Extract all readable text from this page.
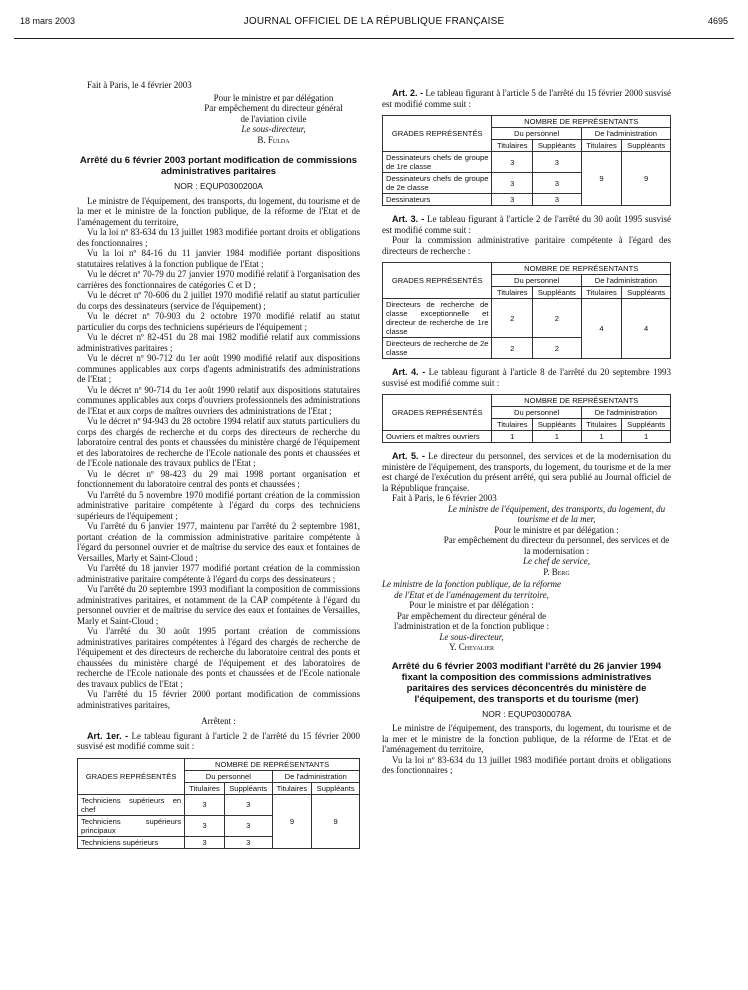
18 mars 2003	JOURNAL OFFICIEL DE LA RÉPUBLIQUE FRANÇAISE	4695

Fait à Paris, le 4 février 2003

Pour le ministre et par délégation
Par empêchement du directeur général
de l'aviation civile
Le sous-directeur,
B. Fulda
Arrêté du 6 février 2003 portant modification de commissions administratives paritaires
NOR : EQUP0300200A

Le ministre de l'équipement, des transports, du logement, du tourisme et de la mer et le ministre de la fonction publique, de la réforme de l'Etat et de l'aménagement du territoire,

Vu la loi nº 83-634 du 13 juillet 1983 modifiée portant droits et obligations des fonctionnaires ;

Vu la loi nº 84-16 du 11 janvier 1984 modifiée portant dispositions statutaires relatives à la fonction publique de l'Etat ;

Vu le décret nº 70-79 du 27 janvier 1970 modifié relatif à l'organisation des carrières des fonctionnaires de catégories C et D ;

Vu le décret nº 70-606 du 2 juillet 1970 modifié relatif au statut particulier du corps des dessinateurs (service de l'équipement) ;

Vu le décret nº 70-903 du 2 octobre 1970 modifié relatif au statut particulier du corps des techniciens supérieurs de l'équipement ;

Vu le décret nº 82-451 du 28 mai 1982 modifié relatif aux commissions administratives paritaires ;

Vu le décret nº 90-712 du 1er août 1990 modifié relatif aux dispositions communes applicables aux corps d'agents administratifs des administrations de l'Etat ;

Vu le décret nº 90-714 du 1er août 1990 relatif aux dispositions statutaires communes applicables aux corps d'ouvriers professionnels des administrations de l'Etat et aux corps de maîtres ouvriers des administrations de l'Etat ;

Vu le décret nº 94-943 du 28 octobre 1994 relatif aux statuts particuliers du corps des chargés de recherche et du corps des directeurs de recherche du laboratoire central des ponts et chaussées du ministère chargé de l'équipement et des laboratoires de recherche de l'Ecole nationale des ponts et chaussées et de l'Ecole nationale des travaux publics de l'Etat ;

Vu le décret nº 98-423 du 29 mai 1998 portant organisation et fonctionnement du laboratoire central des ponts et chaussées ;

Vu l'arrêté du 5 novembre 1970 modifié portant création de la commission administrative paritaire compétente à l'égard du corps des techniciens supérieurs de l'équipement ;

Vu l'arrêté du 6 janvier 1977, maintenu par l'arrêté du 2 septembre 1981, portant création de la commission administrative paritaire compétente à l'égard du personnel ouvrier et de maîtrise du service des eaux et fontaines de Versailles, Marly et Saint-Cloud ;

Vu l'arrêté du 18 janvier 1977 modifié portant création de la commission administrative paritaire compétente à l'égard du corps des dessinateurs ;

Vu l'arrêté du 20 septembre 1993 modifiant la composition de commissions administratives paritaires, et notamment de la CAP compétente à l'égard du personnel ouvrier et de maîtrise du service des eaux et fontaines de Versailles, Marly et Saint-Cloud ;

Vu l'arrêté du 30 août 1995 portant création de commissions administratives paritaires compétentes à l'égard des chargés de recherche de l'équipement et des directeurs de recherche du laboratoire central des ponts et chaussées du ministère chargé de l'équipement et des laboratoires de recherche de l'Ecole nationale des ponts et chaussées et de l'Ecole nationale des travaux publics de l'Etat ;

Vu l'arrêté du 15 février 2000 portant modification de commissions administratives paritaires,

Arrêtent :

Art. 1er. - Le tableau figurant à l'article 2 de l'arrêté du 15 février 2000 susvisé est modifié comme suit :

GRADES REPRÉSENTÉS	NOMBRE DE REPRÉSENTANTS			
	Du personnel		De l'administration	
	Titulaires	Suppléants	Titulaires	Suppléants
Techniciens supérieurs en chef	3	3	9	9
Techniciens supérieurs principaux	3	3		
Techniciens supérieurs	3	3		

Art. 2. - Le tableau figurant à l'article 5 de l'arrêté du 15 février 2000 susvisé est modifié comme suit :

GRADES REPRÉSENTÉS	NOMBRE DE REPRÉSENTANTS			
	Du personnel		De l'administration	
	Titulaires	Suppléants	Titulaires	Suppléants
Dessinateurs chefs de groupe de 1re classe	3	3	9	9
Dessinateurs chefs de groupe de 2e classe	3	3		
Dessinateurs	3	3		

Art. 3. - Le tableau figurant à l'article 2 de l'arrêté du 30 août 1995 susvisé est modifié comme suit :

Pour la commission administrative paritaire compétente à l'égard des directeurs de recherche :

GRADES REPRÉSENTÉS	NOMBRE DE REPRÉSENTANTS			
	Du personnel		De l'administration	
	Titulaires	Suppléants	Titulaires	Suppléants
Directeurs de recherche de classe exceptionnelle et directeur de recherche de 1re classe	2	2	4	4
Directeurs de recherche de 2e classe	2	2		

Art. 4. - Le tableau figurant à l'article 8 de l'arrêté du 20 septembre 1993 susvisé est modifié comme suit :

GRADES REPRÉSENTÉS	NOMBRE DE REPRÉSENTANTS			
	Du personnel		De l'administration	
	Titulaires	Suppléants	Titulaires	Suppléants
Ouvriers et maîtres ouvriers	1	1	1	1

Art. 5. - Le directeur du personnel, des services et de la modernisation du ministère de l'équipement, des transports, du logement, du tourisme et de la mer est chargé de l'exécution du présent arrêté, qui sera publié au Journal officiel de la République française.

Fait à Paris, le 6 février 2003

Le ministre de l'équipement, des transports, du logement, du tourisme et de la mer,
Pour le ministre et par délégation :
Par empêchement du directeur du personnel, des services et de la modernisation :
Le chef de service,
P. Berg
Le ministre de la fonction publique, de la réforme de l'Etat et de l'aménagement du territoire,
Pour le ministre et par délégation :
Par empêchement du directeur général de l'administration et de la fonction publique :
Le sous-directeur,
Y. Chevalier
Arrêté du 6 février 2003 modifiant l'arrêté du 26 janvier 1994 fixant la composition des commissions administratives paritaires des services déconcentrés du ministère de l'équipement, des transports et du tourisme (mer)
NOR : EQUP0300078A

Le ministre de l'équipement, des transports, du logement, du tourisme et de la mer et le ministre de la fonction publique, de la réforme de l'Etat et de l'aménagement du territoire,

Vu la loi nº 83-634 du 13 juillet 1983 modifiée portant droits et obligations des fonctionnaires ;
